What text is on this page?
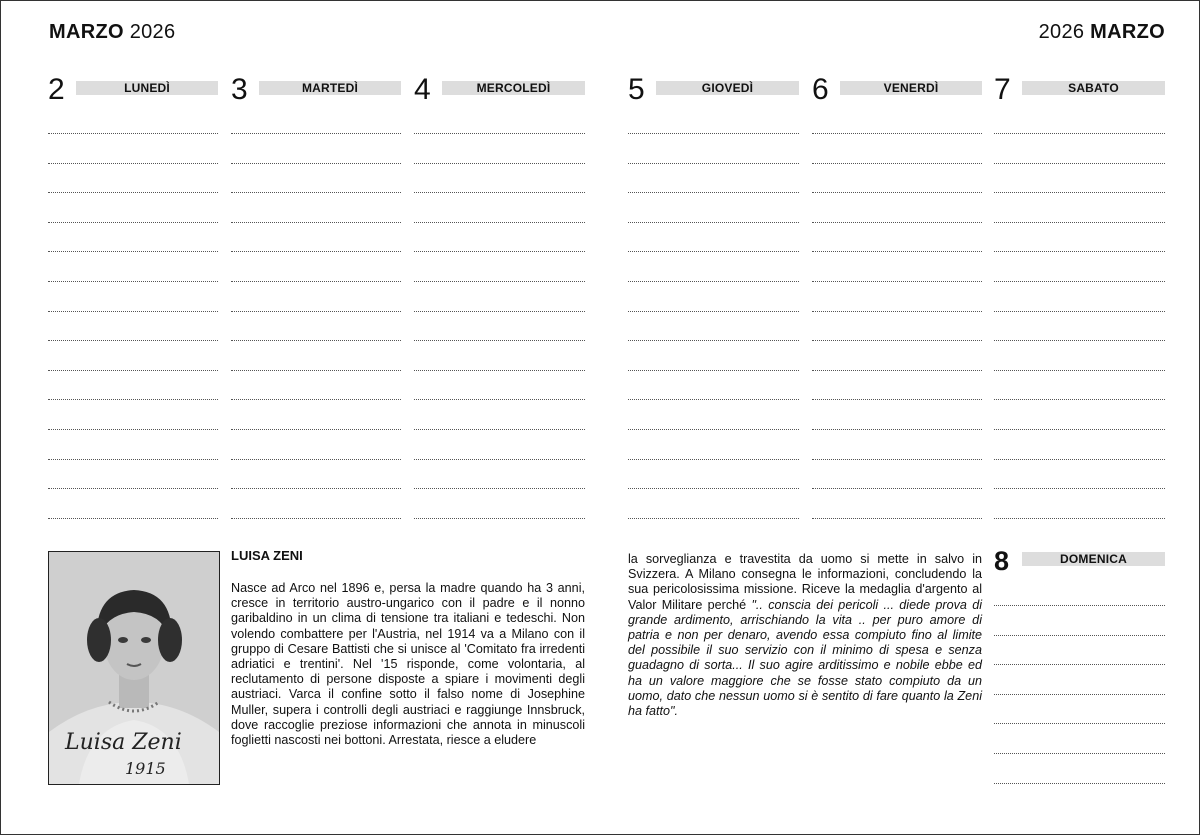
MARZO 2026	2026 MARZO
2	LUNEDÌ	3	MARTEDÌ	4	MERCOLEDÌ	5	GIOVEDÌ	6	VENERDÌ	7	SABATO
8	DOMENICA
Luisa Zeni
1915
LUISA ZENI
Nasce ad Arco nel 1896 e, persa la madre quando ha 3 anni, cresce in territorio austro-ungarico con il padre e il nonno garibaldino in un clima di tensione tra italiani e tedeschi. Non volendo combattere per l'Austria, nel 1914 va a Milano con il gruppo di Cesare Battisti che si unisce al 'Comitato fra irredenti adriatici e trentini'. Nel '15 risponde, come volontaria, al reclutamento di persone disposte a spiare i movimenti degli austriaci. Varca il confine sotto il falso nome di Josephine Muller, supera i controlli degli austriaci e raggiunge Innsbruck, dove raccoglie preziose informazioni che annota in minuscoli foglietti nascosti nei bottoni. Arrestata, riesce a eludere
la sorveglianza e travestita da uomo si mette in salvo in Svizzera. A Milano consegna le informazioni, concludendo la sua pericolosissima missione. Riceve la medaglia d'argento al Valor Militare perché ".. conscia dei pericoli ... diede prova di grande ardimento, arrischiando la vita .. per puro amore di patria e non per denaro, avendo essa compiuto fino al limite del possibile il suo servizio con il minimo di spesa e senza guadagno di sorta... Il suo agire arditissimo e nobile ebbe ed ha un valore maggiore che se fosse stato compiuto da un uomo, dato che nessun uomo si è sentito di fare quanto la Zeni ha fatto".
